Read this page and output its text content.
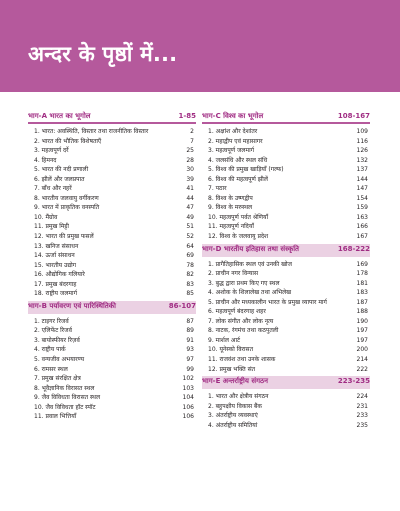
अन्दर के पृष्ठों में...
भाग-A भारत का भूगोल	1-85
1. भारत: अवस्थिति, विस्तार तथा राजनीतिक विस्तार	2
2. भारत की भौतिक विशेषताएँ	7
3. महत्वपूर्ण दर्रे	25
4. हिमनद	28
5. भारत की नदी प्रणाली	30
6. झीलें और जलप्रपात	39
7. बाँध और नहरें	41
8. भारतीय जलवायु वर्गीकरण	44
9. भारत में प्राकृतिक वनस्पति	47
10. मैंग्रोव	49
11. प्रमुख मिट्टी	51
12. भारत की प्रमुख फसलें	52
13. खनिज संसाधन	64
14. ऊर्जा संसाधन	69
15. भारतीय उद्योग	78
16. औद्योगिक गलियारे	82
17. प्रमुख बंदरगाह	83
18. राष्ट्रीय जलमार्ग	85
भाग-B पर्यावरण एवं पारिस्थितिकी	86-107
1. टाइगर रिजर्व	87
2. एलिफेंट रिजर्व	89
3. बायोस्फीयर रिज़र्व	91
4. राष्ट्रीय पार्क	93
5. वन्यजीव अभयारण्य	97
6. रामसर स्थल	99
7. प्रमुख संरक्षित क्षेत्र	102
8. भूवैज्ञानिक विरासत स्थल	103
9. जैव विविधता विरासत स्थल	104
10. जैव विविधता हॉट स्पॉट	106
11. प्रवाल भित्तियाँ	106
भाग-C विश्व का भूगोल	108-167
1. अक्षांश और देशांतर	109
2. महाद्वीप एवं महासागर	116
3. महत्वपूर्ण जलमार्ग	126
4. जलसंधि और स्थल संधि	132
5. विश्व की प्रमुख खाड़ियाँ (गल्फ)	137
6. विश्व की महत्वपूर्ण झीलें	144
7. पठार	147
8. विश्व के उष्णद्वीप	154
9. विश्व के मरुस्थल	159
10. महत्वपूर्ण पर्वत श्रेणियाँ	163
11. महत्वपूर्ण नदियाँ	166
12. विश्व के जलवायु प्रदेश	167
भाग-D भारतीय इतिहास तथा संस्कृति	168-222
1. प्रागैतिहासिक स्थल एवं उनकी खोज	169
2. प्राचीन नगर विन्यास	178
3. बुद्ध द्वारा प्रथम किए गए स्थल	181
4. अशोक के शिलालेख तथा अभिलेख	183
5. प्राचीन और मध्यकालीन भारत के प्रमुख व्यापार मार्ग	187
6. महत्वपूर्ण बंदरगाह शहर	188
7. लोक संगीत और लोक नृत्य	190
8. नाटक, रंगमंच तथा कठपुतली	197
9. मार्शल आर्ट	197
10. यूनेस्को विरासत	200
11. राजवंश तथा उनके शासक	214
12. प्रमुख भक्ति संत	222
भाग-E अन्तर्राष्ट्रीय संगठन	223-235
1. भारत और क्षेत्रीय संगठन	224
2. बहुपक्षीय विकास बैंक	231
3. अंतर्राष्ट्रीय व्यवस्थाएं	233
4. अंतर्राष्ट्रीय समितियां	235
